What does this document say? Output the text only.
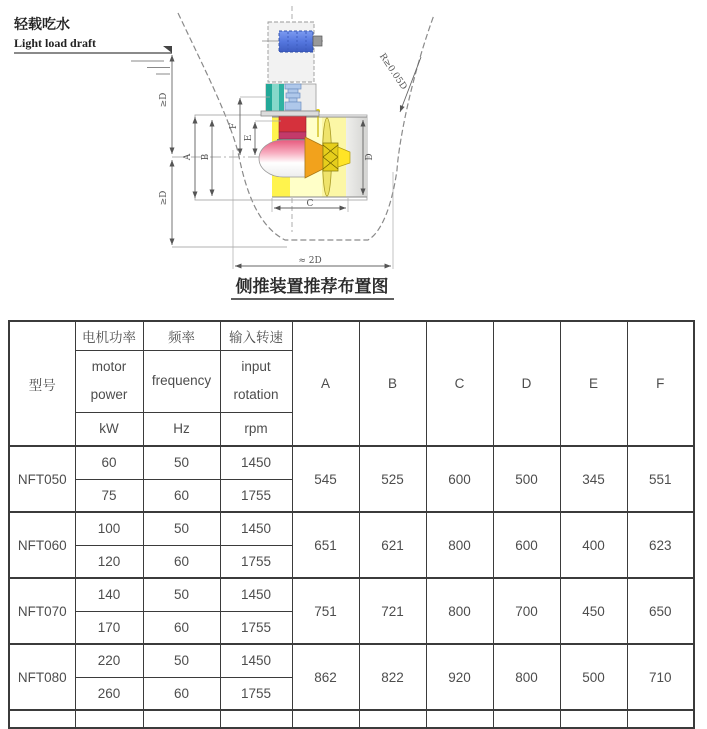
轻载吃水
Light load draft
≥D
≥D
A B
F
E
D
C
≈ 2D
R≥0.05D
侧推装置推荐布置图
型号	电机功率	频率	输入转速	A	B	C	D	E	F
	motor power	frequency	input rotation						
	kW	Hz	rpm						
NFT050	60	50	1450	545	525	600	500	345	551
	75	60	1755						
NFT060	100	50	1450	651	621	800	600	400	623
	120	60	1755						
NFT070	140	50	1450	751	721	800	700	450	650
	170	60	1755						
NFT080	220	50	1450	862	822	920	800	500	710
	260	60	1755						
